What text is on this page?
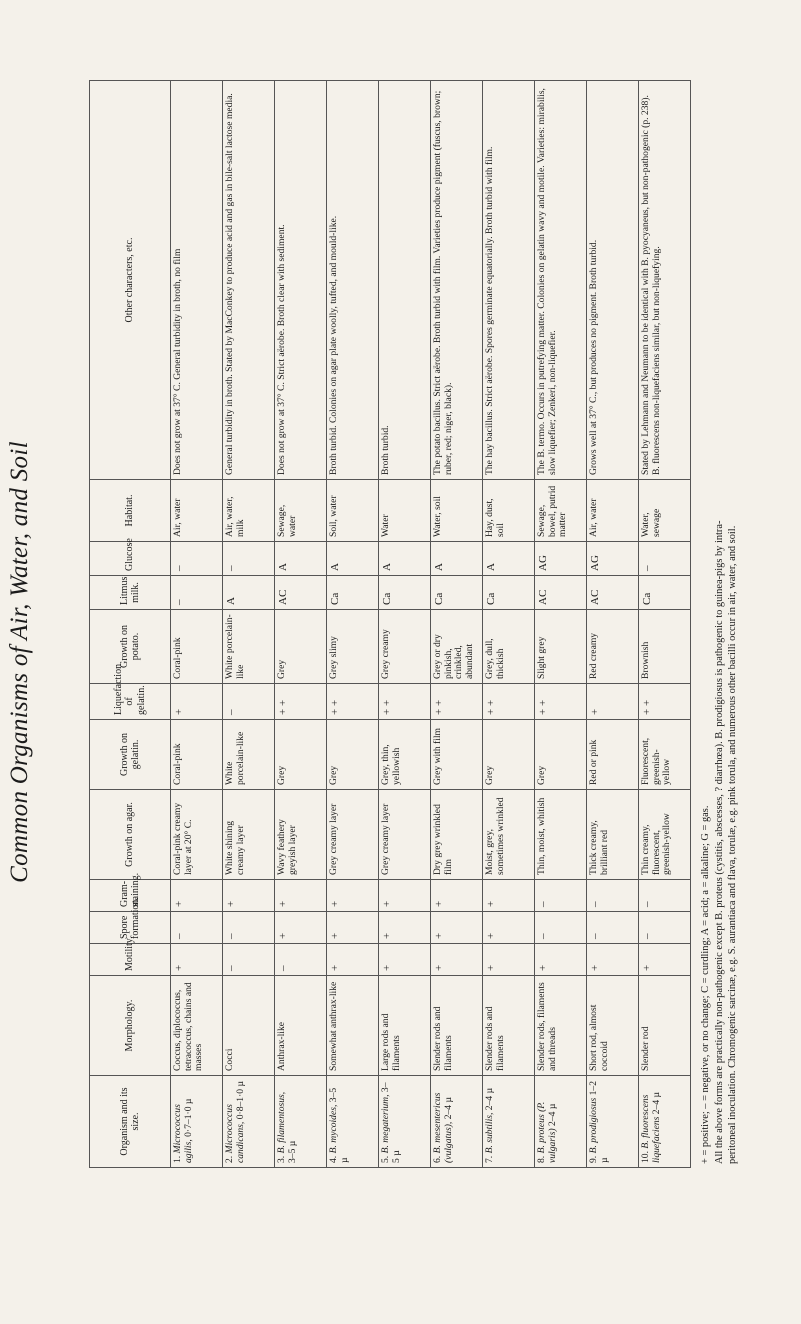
Common Organisms of Air, Water, and Soil
Organism and its size.	Morphology.	Motility.	Spore formation.	Gram-staining.	Growth on agar.	Growth on gelatin.	Liquefaction of gelatin.	Growth on potato.	Litmus milk.	Glucose	Habitat.	Other characters, etc.
1. Micrococcus agilis, 0·7–1·0 µ	Coccus, diplococcus, tetracoccus, chains and masses	+	–	+	Coral-pink creamy layer at 20° C.	Coral-pink	+	Coral-pink	–	–	Air, water	Does not grow at 37° C. General turbidity in broth, no film
2. Micrococcus candicans, 0·8–1·0 µ	Cocci	–	–	+	White shining creamy layer	White porcelain-like	–	White porcelain-like	A	–	Air, water, milk	General turbidity in broth. Stated by MacConkey to produce acid and gas in bile-salt lactose media.
3. B. filamentosus, 3–5 µ	Anthrax-like	–	+	+	Wavy feathery greyish layer	Grey	+ +	Grey	AC	A	Sewage, water	Does not grow at 37° C. Strict aërobe. Broth clear with sediment.
4. B. mycoides, 3–5 µ	Somewhat anthrax-like	+	+	+	Grey creamy layer	Grey	+ +	Grey slimy	Ca	A	Soil, water	Broth turbid. Colonies on agar plate woolly, tufted, and mould-like.
5. B. megaterium, 3–5 µ	Large rods and filaments	+	+	+	Grey creamy layer	Grey, thin, yellowish	+ +	Grey creamy	Ca	A	Water	Broth turbid.
6. B. mesentericus (vulgatus), 2–4 µ	Slender rods and filaments	+	+	+	Dry grey wrinkled film	Grey with film	+ +	Grey or dry pinkish, crinkled, abundant	Ca	A	Water, soil	The potato bacillus. Strict aërobe. Broth turbid with film. Varieties produce pigment (fuscus, brown; ruber, red; niger, black).
7. B. subtilis, 2–4 µ	Slender rods and filaments	+	+	+	Moist, grey, sometimes wrinkled	Grey	+ +	Grey, dull, thickish	Ca	A	Hay, dust, soil	The hay bacillus. Strict aërobe. Spores germinate equatorially. Broth turbid with film.
8. B. proteus (P. vulgaris) 2–4 µ	Slender rods, filaments and threads	+	–	–	Thin, moist, whitish	Grey	+ +	Slight grey	AC	AG	Sewage, bowel, putrid matter	The B. termo. Occurs in putrefying matter. Colonies on gelatin wavy and motile. Varieties: mirabilis, slow liquefier; Zenkeri, non-liquefier.
9. B. prodigiosus 1–2 µ	Short rod, almost coccoid	+	–	–	Thick creamy, brilliant red	Red or pink	+	Red creamy	AC	AG	Air, water	Grows well at 37° C., but produces no pigment. Broth turbid.
10. B. fluorescens liquefaciens 2–4 µ	Slender rod	+	–	–	Thin creamy, fluorescent, greenish-yellow	Fluorescent, greenish-yellow	+ +	Brownish	Ca	–	Water, sewage	Stated by Lehmann and Neumann to be identical with B. pyocyaneus, but non-pathogenic (p. 238). B. fluorescens non-liquefaciens similar, but non-liquefying.

+ = positive; – = negative, or no change; C = curdling; A = acid; a = alkaline; G = gas. All the above forms are practically non-pathogenic except B. proteus (cystitis, abscesses, ? diarrhœa). B. prodigiosus is pathogenic to guinea-pigs by intra- peritoneal inoculation. Chromogenic sarcinæ, e.g. S. aurantiaca and flava, torulæ, e.g. pink torula, and numerous other bacilli occur in air, water, and soil.
